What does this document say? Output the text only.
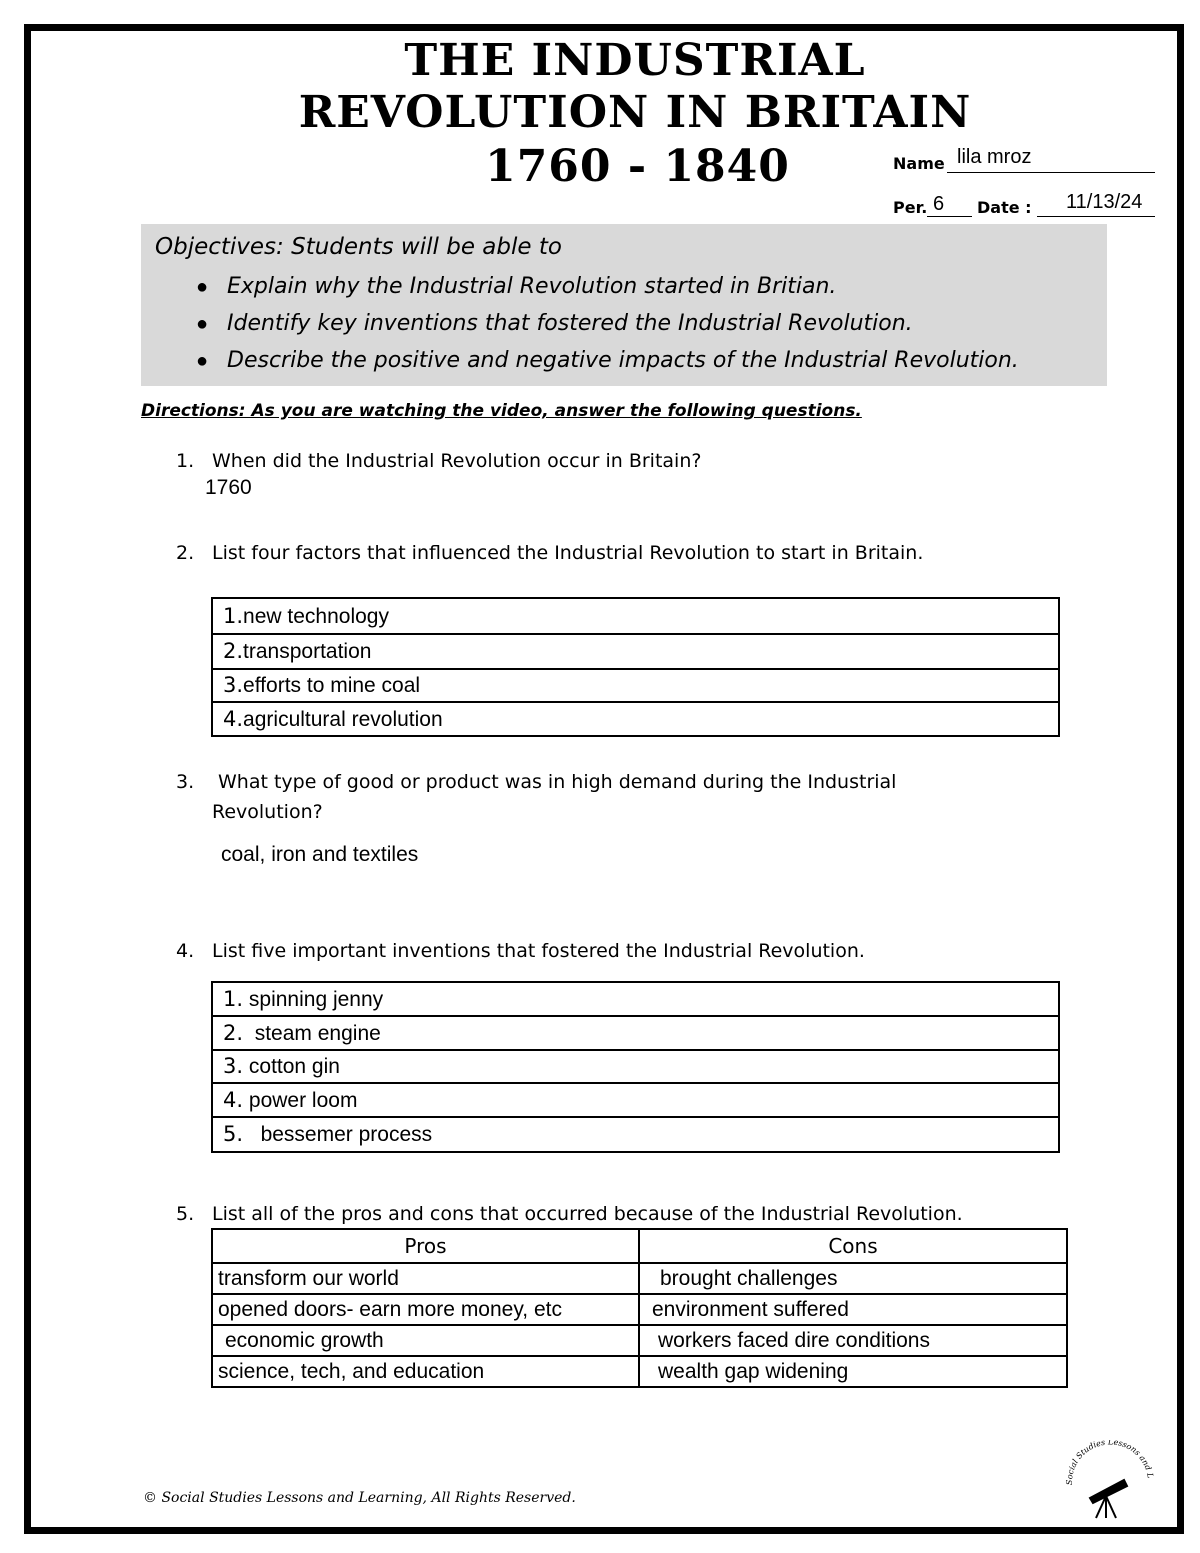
THE INDUSTRIAL
REVOLUTION IN BRITAIN
1760 - 1840	Name lila mroz
Per. 6 Date : 11/13/24
Objectives: Students will be able to
● Explain why the Industrial Revolution started in Britian.
● Identify key inventions that fostered the Industrial Revolution.
● Describe the positive and negative impacts of the Industrial Revolution.
Directions: As you are watching the video, answer the following questions.
1. When did the Industrial Revolution occur in Britain?
1760
2. List four factors that influenced the Industrial Revolution to start in Britain.
1.new technology
2.transportation
3.efforts to mine coal
4.agricultural revolution
3.	What type of good or product was in high demand during the Industrial Revolution?
coal, iron and textiles
4. List five important inventions that fostered the Industrial Revolution.
1. spinning jenny
2. steam engine
3. cotton gin
4. power loom
5. bessemer process
5. List all of the pros and cons that occurred because of the Industrial Revolution.
Pros	Cons
transform our world	brought challenges
opened doors- earn more money, etc	environment suffered
economic growth	workers faced dire conditions
science, tech, and education	wealth gap widening
© Social Studies Lessons and Learning, All Rights Reserved.
Social Studies Lessons and L
